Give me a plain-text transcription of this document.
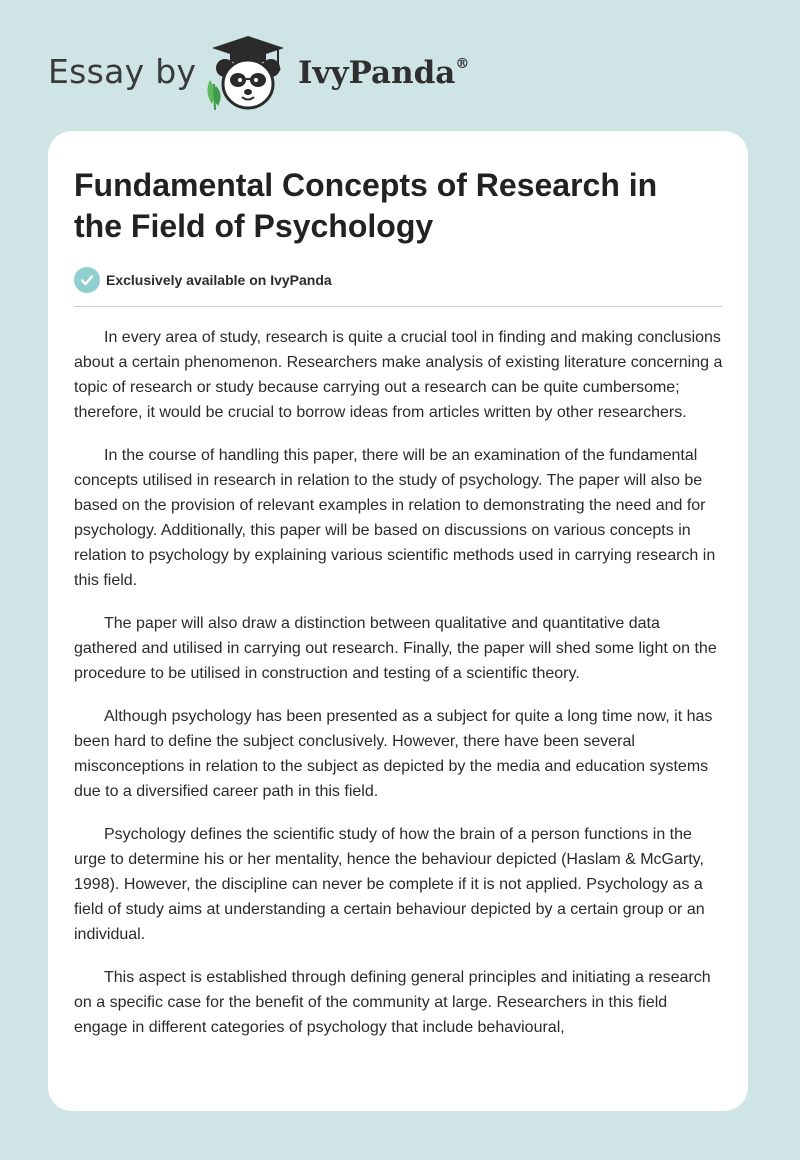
Essay by	IvyPanda®
Fundamental Concepts of Research in the Field of Psychology
Exclusively available on IvyPanda

In every area of study, research is quite a crucial tool in finding and making conclusions about a certain phenomenon. Researchers make analysis of existing literature concerning a topic of research or study because carrying out a research can be quite cumbersome; therefore, it would be crucial to borrow ideas from articles written by other researchers.

In the course of handling this paper, there will be an examination of the fundamental concepts utilised in research in relation to the study of psychology. The paper will also be based on the provision of relevant examples in relation to demonstrating the need and for psychology. Additionally, this paper will be based on discussions on various concepts in relation to psychology by explaining various scientific methods used in carrying research in this field.

The paper will also draw a distinction between qualitative and quantitative data gathered and utilised in carrying out research. Finally, the paper will shed some light on the procedure to be utilised in construction and testing of a scientific theory.

Although psychology has been presented as a subject for quite a long time now, it has been hard to define the subject conclusively. However, there have been several misconceptions in relation to the subject as depicted by the media and education systems due to a diversified career path in this field.

Psychology defines the scientific study of how the brain of a person functions in the urge to determine his or her mentality, hence the behaviour depicted (Haslam & McGarty, 1998). However, the discipline can never be complete if it is not applied. Psychology as a field of study aims at understanding a certain behaviour depicted by a certain group or an individual.

This aspect is established through defining general principles and initiating a research on a specific case for the benefit of the community at large. Researchers in this field engage in different categories of psychology that include behavioural,
